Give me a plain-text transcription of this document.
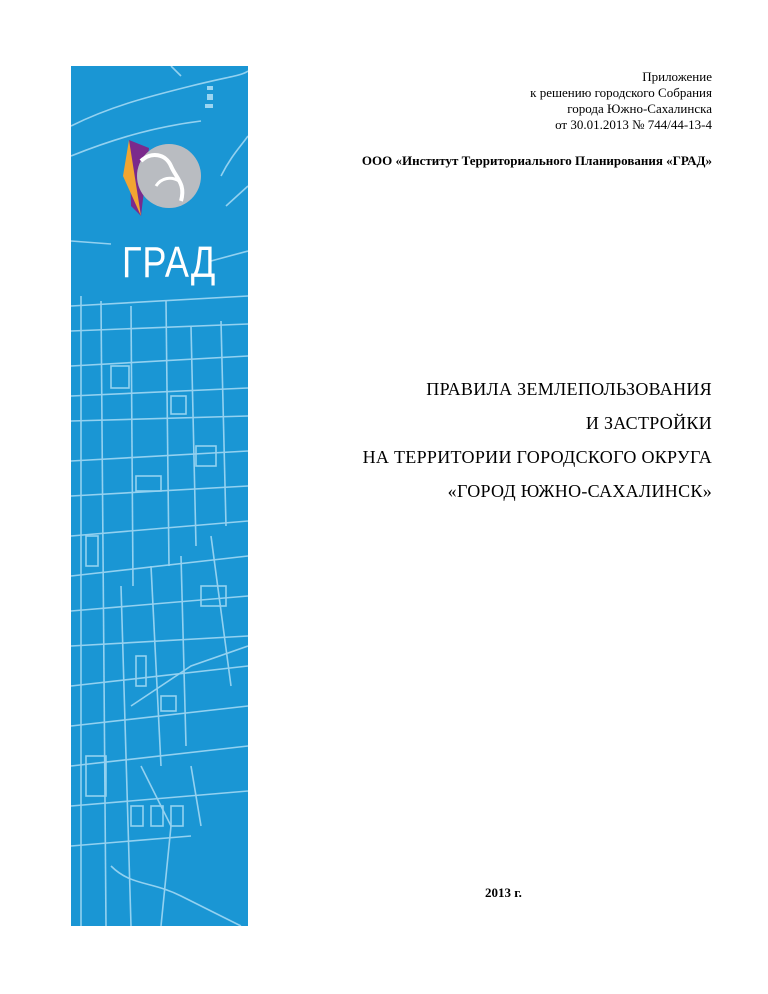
ГРАД
Приложение
к решению городского Собрания
города Южно-Сахалинска
от 30.01.2013 № 744/44-13-4
ООО «Институт Территориального Планирования «ГРАД»
ПРАВИЛА ЗЕМЛЕПОЛЬЗОВАНИЯ
И ЗАСТРОЙКИ
НА ТЕРРИТОРИИ ГОРОДСКОГО ОКРУГА
«ГОРОД ЮЖНО-САХАЛИНСК»
2013 г.
